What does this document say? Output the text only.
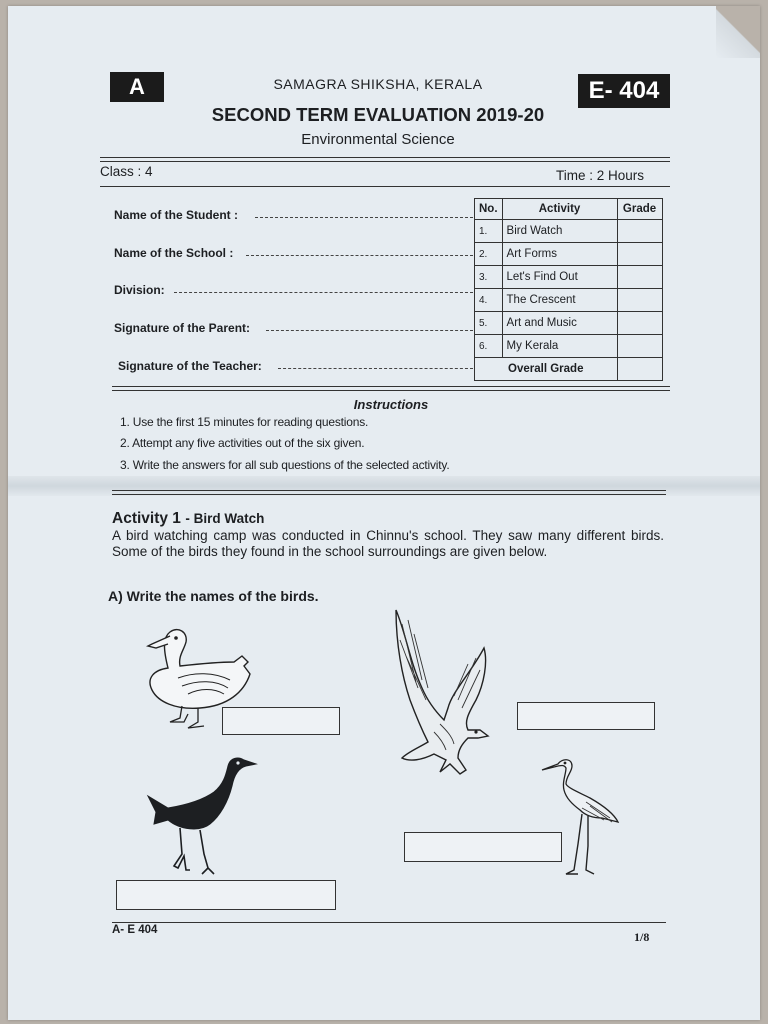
A	E- 404
SAMAGRA SHIKSHA, KERALA
SECOND TERM EVALUATION 2019-20
Environmental Science
Class : 4	Time : 2 Hours
Name of the Student :
Name of the School :
Division:
Signature of the Parent:
Signature of the Teacher:
No.	Activity	Grade
1.	Bird Watch	
2.	Art Forms	
3.	Let's Find Out	
4.	The Crescent	
5.	Art and Music	
6.	My Kerala	
Overall Grade		
Instructions
1. Use the first 15 minutes for reading questions.
2. Attempt any five activities out of the six given.
3. Write the answers for all sub questions of the selected activity.
Activity 1 - Bird Watch
A bird watching camp was conducted in Chinnu's school. They saw many different birds. Some of the birds they found in the school surroundings are given below.
A) Write the names of the birds.
A- E 404	1/8
